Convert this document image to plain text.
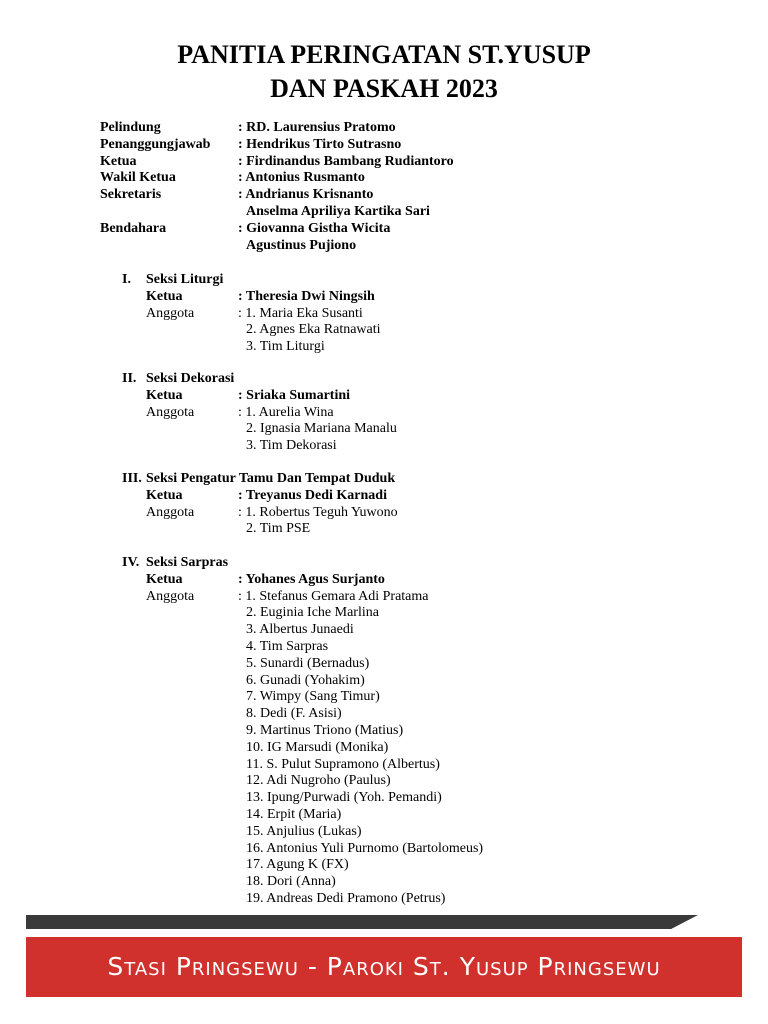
PANITIA PERINGATAN ST.YUSUP
DAN PASKAH 2023
Pelindung	: RD. Laurensius Pratomo
Penanggungjawab : Hendrikus Tirto Sutrasno
Ketua	: Firdinandus Bambang Rudiantoro
Wakil Ketua	: Antonius Rusmanto
Sekretaris	: Andrianus Krisnanto
Anselma Apriliya Kartika Sari
Bendahara	: Giovanna Gistha Wicita
Agustinus Pujiono
I. Seksi Liturgi
Ketua	: Theresia Dwi Ningsih
Anggota	: 1. Maria Eka Susanti
2. Agnes Eka Ratnawati
3. Tim Liturgi
II. Seksi Dekorasi
Ketua	: Sriaka Sumartini
Anggota	: 1. Aurelia Wina
2. Ignasia Mariana Manalu
3. Tim Dekorasi
III. Seksi Pengatur Tamu Dan Tempat Duduk
Ketua	: Treyanus Dedi Karnadi
Anggota	: 1. Robertus Teguh Yuwono
2. Tim PSE
IV. Seksi Sarpras
Ketua	: Yohanes Agus Surjanto
Anggota	: 1. Stefanus Gemara Adi Pratama
2. Euginia Iche Marlina
3. Albertus Junaedi
4. Tim Sarpras
5. Sunardi (Bernadus)
6. Gunadi (Yohakim)
7. Wimpy (Sang Timur)
8. Dedi (F. Asisi)
9. Martinus Triono (Matius)
10. IG Marsudi (Monika)
11. S. Pulut Supramono (Albertus)
12. Adi Nugroho (Paulus)
13. Ipung/Purwadi (Yoh. Pemandi)
14. Erpit (Maria)
15. Anjulius (Lukas)
16. Antonius Yuli Purnomo (Bartolomeus)
17. Agung K (FX)
18. Dori (Anna)
19. Andreas Dedi Pramono (Petrus)
Stasi Pringsewu - Paroki St. Yusup Pringsewu
